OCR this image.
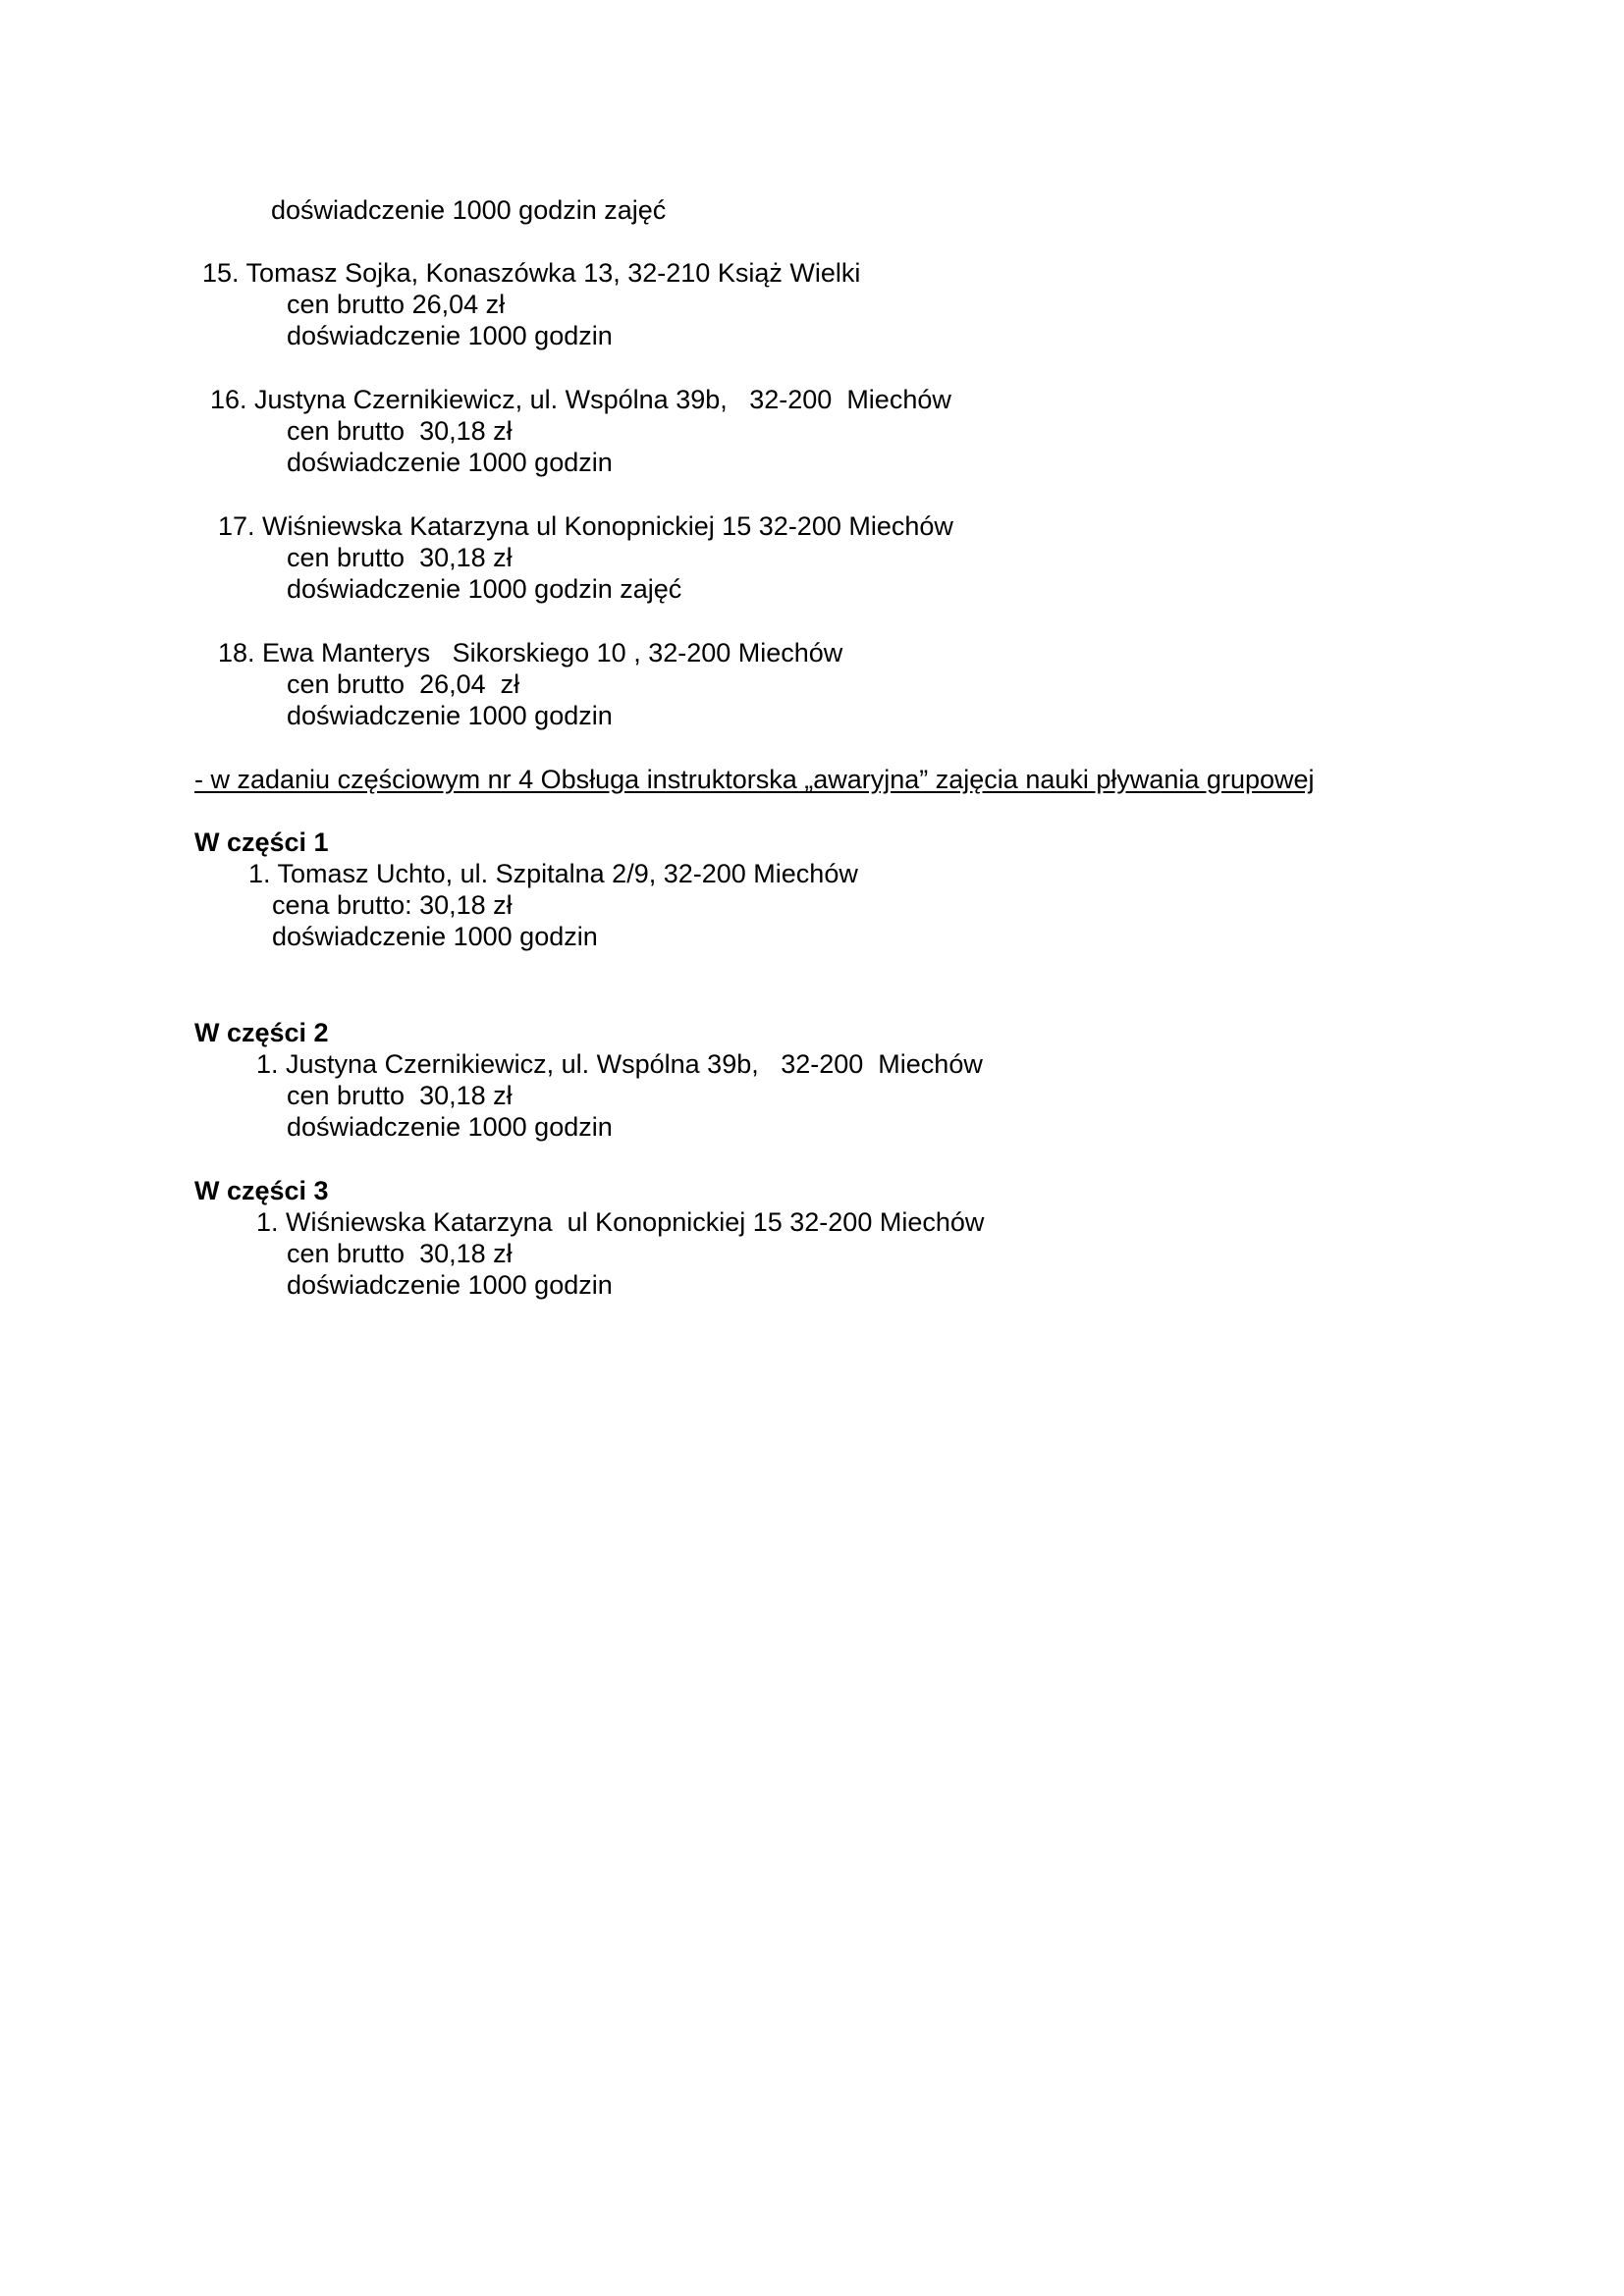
doświadczenie 1000 godzin zajęć
15. Tomasz Sojka, Konaszówka 13, 32-210 Książ Wielki
cen brutto 26,04 zł
doświadczenie 1000 godzin
16. Justyna Czernikiewicz, ul. Wspólna 39b,   32-200  Miechów
cen brutto  30,18 zł
doświadczenie 1000 godzin
17. Wiśniewska Katarzyna ul Konopnickiej 15 32-200 Miechów
cen brutto  30,18 zł
doświadczenie 1000 godzin zajęć
18. Ewa Manterys   Sikorskiego 10 , 32-200 Miechów
cen brutto  26,04  zł
doświadczenie 1000 godzin
- w zadaniu częściowym nr 4 Obsługa instruktorska „awaryjna” zajęcia nauki pływania grupowej
W części 1
1. Tomasz Uchto, ul. Szpitalna 2/9, 32-200 Miechów
cena brutto: 30,18 zł
doświadczenie 1000 godzin
W części 2
1. Justyna Czernikiewicz, ul. Wspólna 39b,   32-200  Miechów
cen brutto  30,18 zł
doświadczenie 1000 godzin
W części 3
1. Wiśniewska Katarzyna  ul Konopnickiej 15 32-200 Miechów
cen brutto  30,18 zł
doświadczenie 1000 godzin
